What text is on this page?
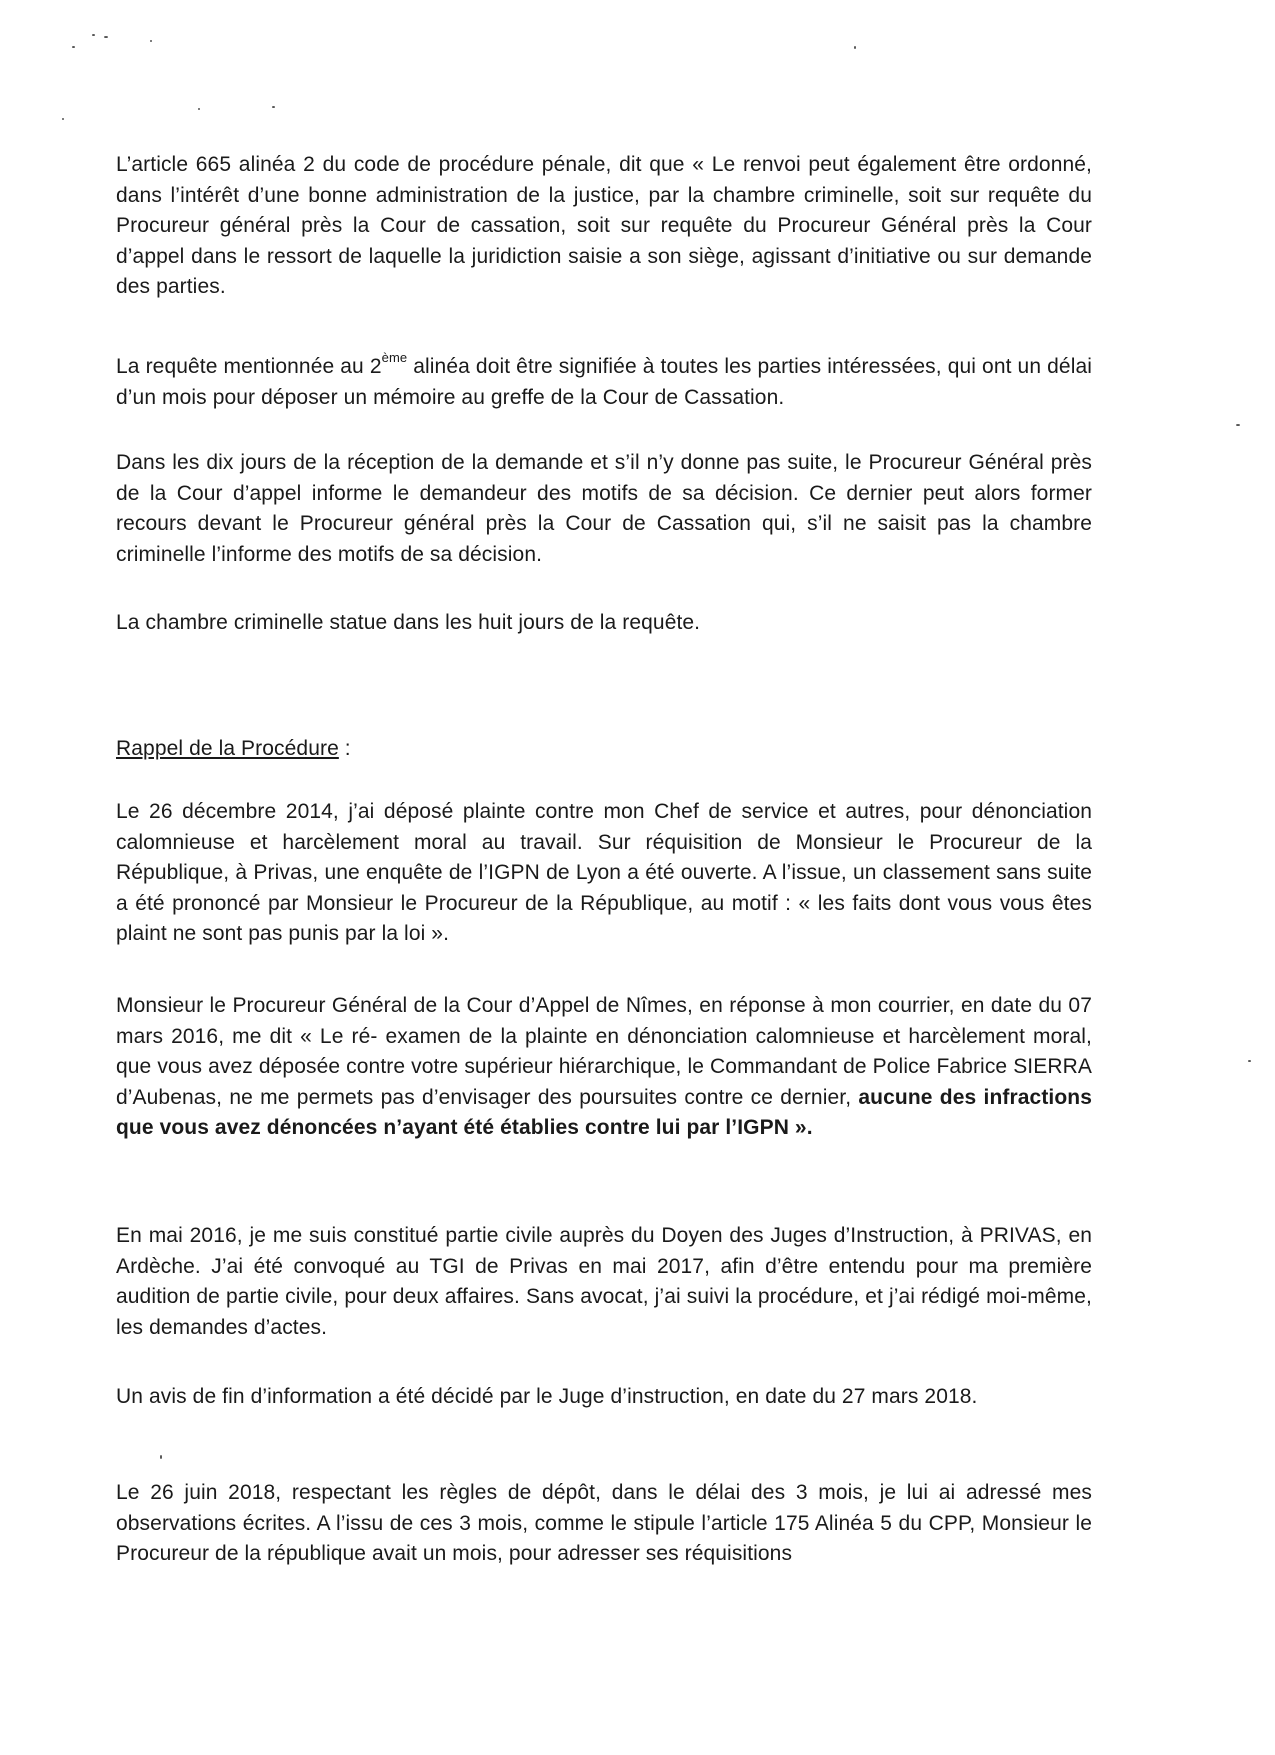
L’article 665 alinéa 2 du code de procédure pénale, dit que « Le renvoi peut également être ordonné, dans l’intérêt d’une bonne administration de la justice, par la chambre criminelle, soit sur requête du Procureur général près la Cour de cassation, soit sur requête du Procureur Général près la Cour d’appel dans le ressort de laquelle la juridiction saisie a son siège, agissant d’initiative ou sur demande des parties.

La requête mentionnée au 2ème alinéa doit être signifiée à toutes les parties intéressées, qui ont un délai d’un mois pour déposer un mémoire au greffe de la Cour de Cassation.

Dans les dix jours de la réception de la demande et s’il n’y donne pas suite, le Procureur Général près de la Cour d’appel informe le demandeur des motifs de sa décision. Ce dernier peut alors former recours devant le Procureur général près la Cour de Cassation qui, s’il ne saisit pas la chambre criminelle l’informe des motifs de sa décision.

La chambre criminelle statue dans les huit jours de la requête.

Rappel de la Procédure :

Le 26 décembre 2014, j’ai déposé plainte contre mon Chef de service et autres, pour dénonciation calomnieuse et harcèlement moral au travail. Sur réquisition de Monsieur le Procureur de la République, à Privas, une enquête de l’IGPN de Lyon a été ouverte. A l’issue, un classement sans suite a été prononcé par Monsieur le Procureur de la République, au motif : « les faits dont vous vous êtes plaint ne sont pas punis par la loi ».

Monsieur le Procureur Général de la Cour d’Appel de Nîmes, en réponse à mon courrier, en date du 07 mars 2016, me dit « Le ré- examen de la plainte en dénonciation calomnieuse et harcèlement moral, que vous avez déposée contre votre supérieur hiérarchique, le Commandant de Police Fabrice SIERRA d’Aubenas, ne me permets pas d’envisager des poursuites contre ce dernier, aucune des infractions que vous avez dénoncées n’ayant été établies contre lui par l’IGPN ».

En mai 2016, je me suis constitué partie civile auprès du Doyen des Juges d’Instruction, à PRIVAS, en Ardèche. J’ai été convoqué au TGI de Privas en mai 2017, afin d’être entendu pour ma première audition de partie civile, pour deux affaires. Sans avocat, j’ai suivi la procédure, et j’ai rédigé moi-même, les demandes d’actes.

Un avis de fin d’information a été décidé par le Juge d’instruction, en date du 27 mars 2018.

Le 26 juin 2018, respectant les règles de dépôt, dans le délai des 3 mois, je lui ai adressé mes observations écrites. A l’issu de ces 3 mois, comme le stipule l’article 175 Alinéa 5 du CPP, Monsieur le Procureur de la république avait un mois, pour adresser ses réquisitions
